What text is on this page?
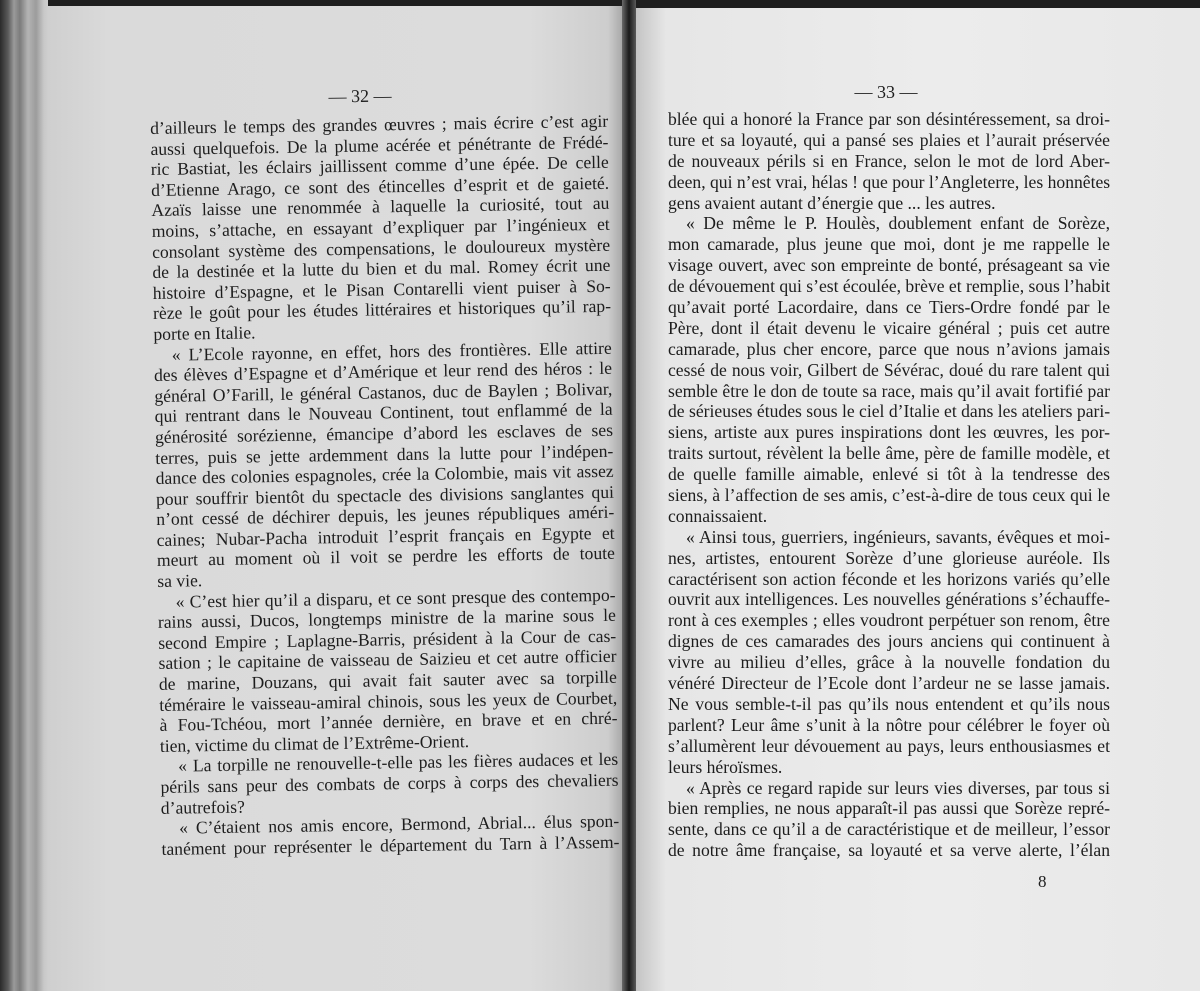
— 32 —	— 33 —
d’ailleurs le temps des grandes œuvres ; mais écrire c’est agir
aussi quelquefois. De la plume acérée et pénétrante de Frédé-
ric Bastiat, les éclairs jaillissent comme d’une épée. De celle
d’Etienne Arago, ce sont des étincelles d’esprit et de gaieté.
Azaïs laisse une renommée à laquelle la curiosité, tout au
moins, s’attache, en essayant d’expliquer par l’ingénieux et
consolant système des compensations, le douloureux mystère
de la destinée et la lutte du bien et du mal. Romey écrit une
histoire d’Espagne, et le Pisan Contarelli vient puiser à So-
rèze le goût pour les études littéraires et historiques qu’il rap-
porte en Italie.
« L’Ecole rayonne, en effet, hors des frontières. Elle attire
des élèves d’Espagne et d’Amérique et leur rend des héros : le
général O’Farill, le général Castanos, duc de Baylen ; Bolivar,
qui rentrant dans le Nouveau Continent, tout enflammé de la
générosité sorézienne, émancipe d’abord les esclaves de ses
terres, puis se jette ardemment dans la lutte pour l’indépen-
dance des colonies espagnoles, crée la Colombie, mais vit assez
pour souffrir bientôt du spectacle des divisions sanglantes qui
n’ont cessé de déchirer depuis, les jeunes républiques améri-
caines; Nubar-Pacha introduit l’esprit français en Egypte et
meurt au moment où il voit se perdre les efforts de toute
sa vie.
« C’est hier qu’il a disparu, et ce sont presque des contempo-
rains aussi, Ducos, longtemps ministre de la marine sous le
second Empire ; Laplagne-Barris, président à la Cour de cas-
sation ; le capitaine de vaisseau de Saizieu et cet autre officier
de marine, Douzans, qui avait fait sauter avec sa torpille
téméraire le vaisseau-amiral chinois, sous les yeux de Courbet,
à Fou-Tchéou, mort l’année dernière, en brave et en chré-
tien, victime du climat de l’Extrême-Orient.
« La torpille ne renouvelle-t-elle pas les fières audaces et les
périls sans peur des combats de corps à corps des chevaliers
d’autrefois?
« C’étaient nos amis encore, Bermond, Abrial... élus spon-
tanément pour représenter le département du Tarn à l’Assem-
blée qui a honoré la France par son désintéressement, sa droi-
ture et sa loyauté, qui a pansé ses plaies et l’aurait préservée
de nouveaux périls si en France, selon le mot de lord Aber-
deen, qui n’est vrai, hélas ! que pour l’Angleterre, les honnêtes
gens avaient autant d’énergie que ... les autres.
« De même le P. Houlès, doublement enfant de Sorèze,
mon camarade, plus jeune que moi, dont je me rappelle le
visage ouvert, avec son empreinte de bonté, présageant sa vie
de dévouement qui s’est écoulée, brève et remplie, sous l’habit
qu’avait porté Lacordaire, dans ce Tiers-Ordre fondé par le
Père, dont il était devenu le vicaire général ; puis cet autre
camarade, plus cher encore, parce que nous n’avions jamais
cessé de nous voir, Gilbert de Sévérac, doué du rare talent qui
semble être le don de toute sa race, mais qu’il avait fortifié par
de sérieuses études sous le ciel d’Italie et dans les ateliers pari-
siens, artiste aux pures inspirations dont les œuvres, les por-
traits surtout, révèlent la belle âme, père de famille modèle, et
de quelle famille aimable, enlevé si tôt à la tendresse des
siens, à l’affection de ses amis, c’est-à-dire de tous ceux qui le
connaissaient.
« Ainsi tous, guerriers, ingénieurs, savants, évêques et moi-
nes, artistes, entourent Sorèze d’une glorieuse auréole. Ils
caractérisent son action féconde et les horizons variés qu’elle
ouvrit aux intelligences. Les nouvelles générations s’échauffe-
ront à ces exemples ; elles voudront perpétuer son renom, être
dignes de ces camarades des jours anciens qui continuent à
vivre au milieu d’elles, grâce à la nouvelle fondation du
vénéré Directeur de l’Ecole dont l’ardeur ne se lasse jamais.
Ne vous semble-t-il pas qu’ils nous entendent et qu’ils nous
parlent? Leur âme s’unit à la nôtre pour célébrer le foyer où
s’allumèrent leur dévouement au pays, leurs enthousiasmes et
leurs héroïsmes.
« Après ce regard rapide sur leurs vies diverses, par tous si
bien remplies, ne nous apparaît-il pas aussi que Sorèze repré-
sente, dans ce qu’il a de caractéristique et de meilleur, l’essor
de notre âme française, sa loyauté et sa verve alerte, l’élan
8
